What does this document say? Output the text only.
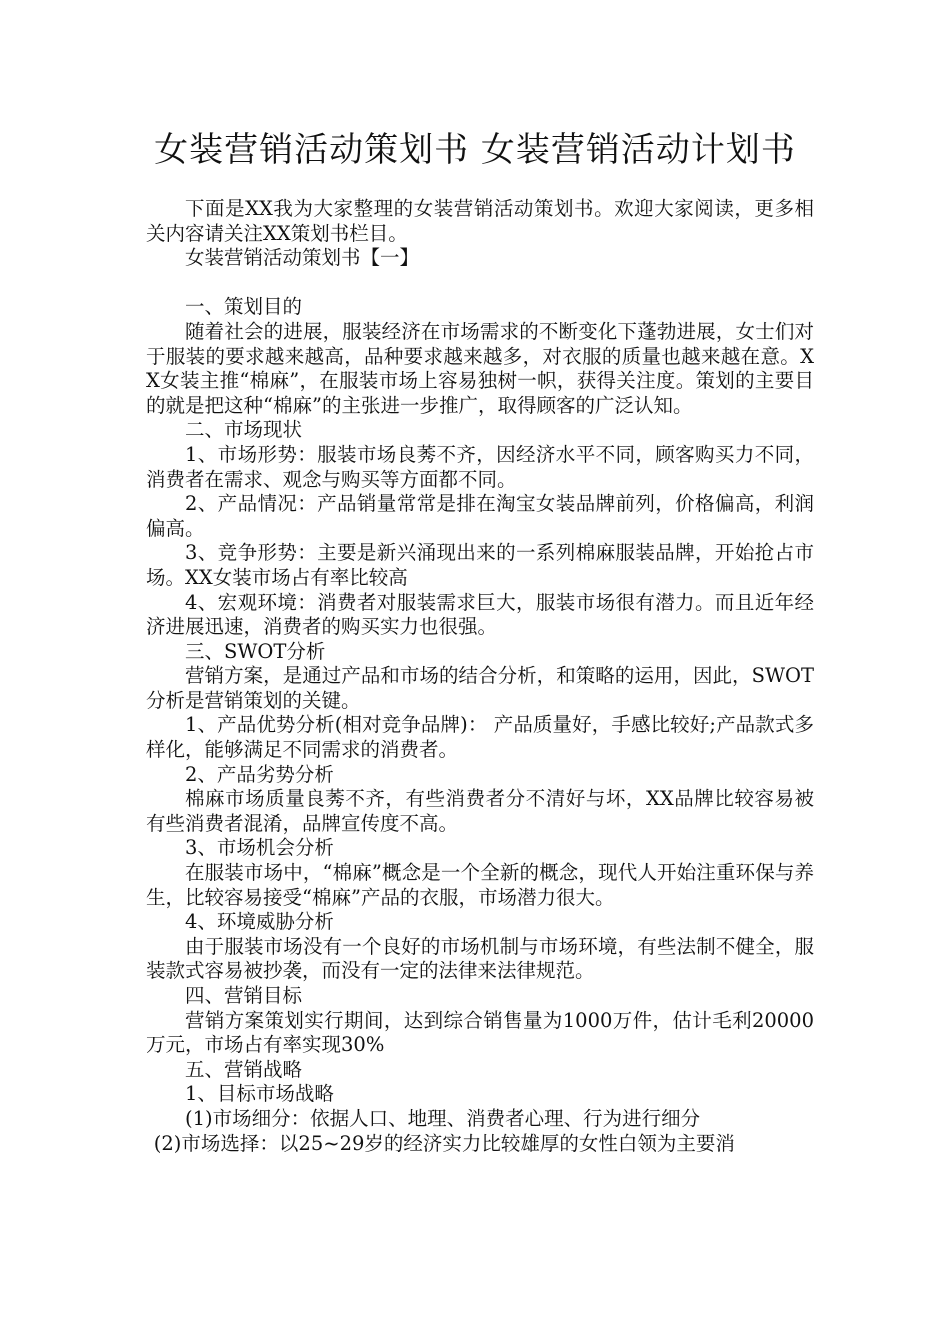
女装营销活动策划书 女装营销活动计划书

下面是XX我为大家整理的女装营销活动策划书。欢迎大家阅读，更多相关内容请关注XX策划书栏目。

女装营销活动策划书【一】

一、策划目的

随着社会的进展，服装经济在市场需求的不断变化下蓬勃进展，女士们对于服装的要求越来越高，品种要求越来越多，对衣服的质量也越来越在意。XX女装主推“棉麻”，在服装市场上容易独树一帜，获得关注度。策划的主要目的就是把这种“棉麻”的主张进一步推广，取得顾客的广泛认知。

二、市场现状

1、市场形势：服装市场良莠不齐，因经济水平不同，顾客购买力不同，消费者在需求、观念与购买等方面都不同。

2、产品情况：产品销量常常是排在淘宝女装品牌前列，价格偏高，利润偏高。

3、竞争形势：主要是新兴涌现出来的一系列棉麻服装品牌，开始抢占市场。XX女装市场占有率比较高

4、宏观环境：消费者对服装需求巨大，服装市场很有潜力。而且近年经济进展迅速，消费者的购买实力也很强。

三、SWOT分析

营销方案，是通过产品和市场的结合分析，和策略的运用，因此，SWOT分析是营销策划的关键。

1、产品优势分析(相对竞争品牌)： 产品质量好，手感比较好;产品款式多样化，能够满足不同需求的消费者。

2、产品劣势分析

棉麻市场质量良莠不齐，有些消费者分不清好与坏，XX品牌比较容易被有些消费者混淆，品牌宣传度不高。

3、市场机会分析

在服装市场中，“棉麻”概念是一个全新的概念，现代人开始注重环保与养生，比较容易接受“棉麻”产品的衣服，市场潜力很大。

4、环境威胁分析

由于服装市场没有一个良好的市场机制与市场环境，有些法制不健全，服装款式容易被抄袭，而没有一定的法律来法律规范。

四、营销目标

营销方案策划实行期间，达到综合销售量为1000万件，估计毛利20000万元，市场占有率实现30%

五、营销战略

1、目标市场战略

(1)市场细分：依据人口、地理、消费者心理、行为进行细分

(2)市场选择：以25~29岁的经济实力比较雄厚的女性白领为主要消
